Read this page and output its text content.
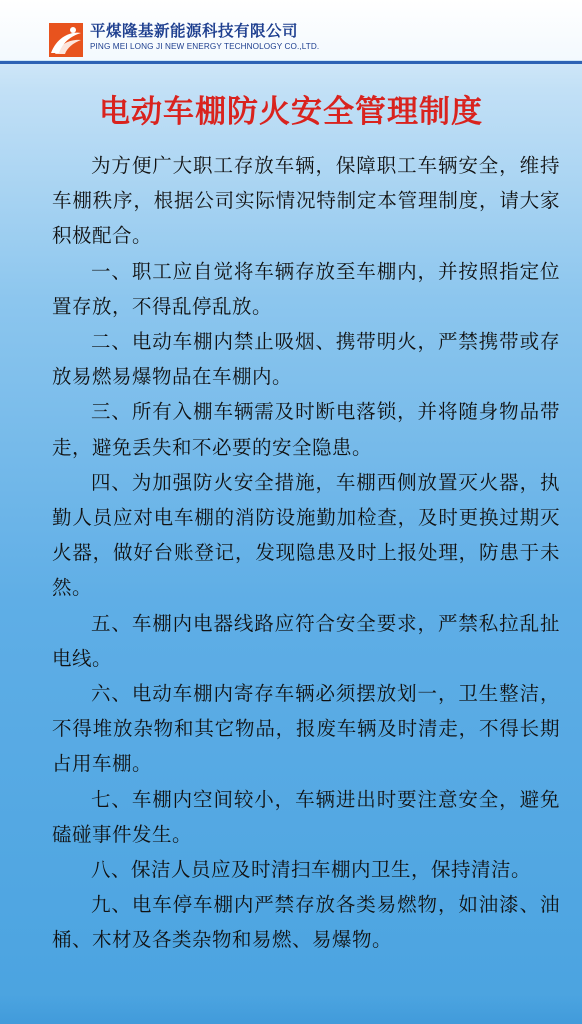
平煤隆基新能源科技有限公司
PING MEI LONG JI NEW ENERGY TECHNOLOGY CO.,LTD.
电动车棚防火安全管理制度

为方便广大职工存放车辆，保障职工车辆安全，维持车棚秩序，根据公司实际情况特制定本管理制度，请大家积极配合。

一、职工应自觉将车辆存放至车棚内，并按照指定位置存放，不得乱停乱放。

二、电动车棚内禁止吸烟、携带明火，严禁携带或存放易燃易爆物品在车棚内。

三、所有入棚车辆需及时断电落锁，并将随身物品带走，避免丢失和不必要的安全隐患。

四、为加强防火安全措施，车棚西侧放置灭火器，执勤人员应对电车棚的消防设施勤加检查，及时更换过期灭火器，做好台账登记，发现隐患及时上报处理，防患于未然。

五、车棚内电器线路应符合安全要求，严禁私拉乱扯电线。

六、电动车棚内寄存车辆必须摆放划一，卫生整洁，不得堆放杂物和其它物品，报废车辆及时清走，不得长期占用车棚。

七、车棚内空间较小，车辆进出时要注意安全，避免磕碰事件发生。

八、保洁人员应及时清扫车棚内卫生，保持清洁。

九、电车停车棚内严禁存放各类易燃物，如油漆、油桶、木材及各类杂物和易燃、易爆物。
